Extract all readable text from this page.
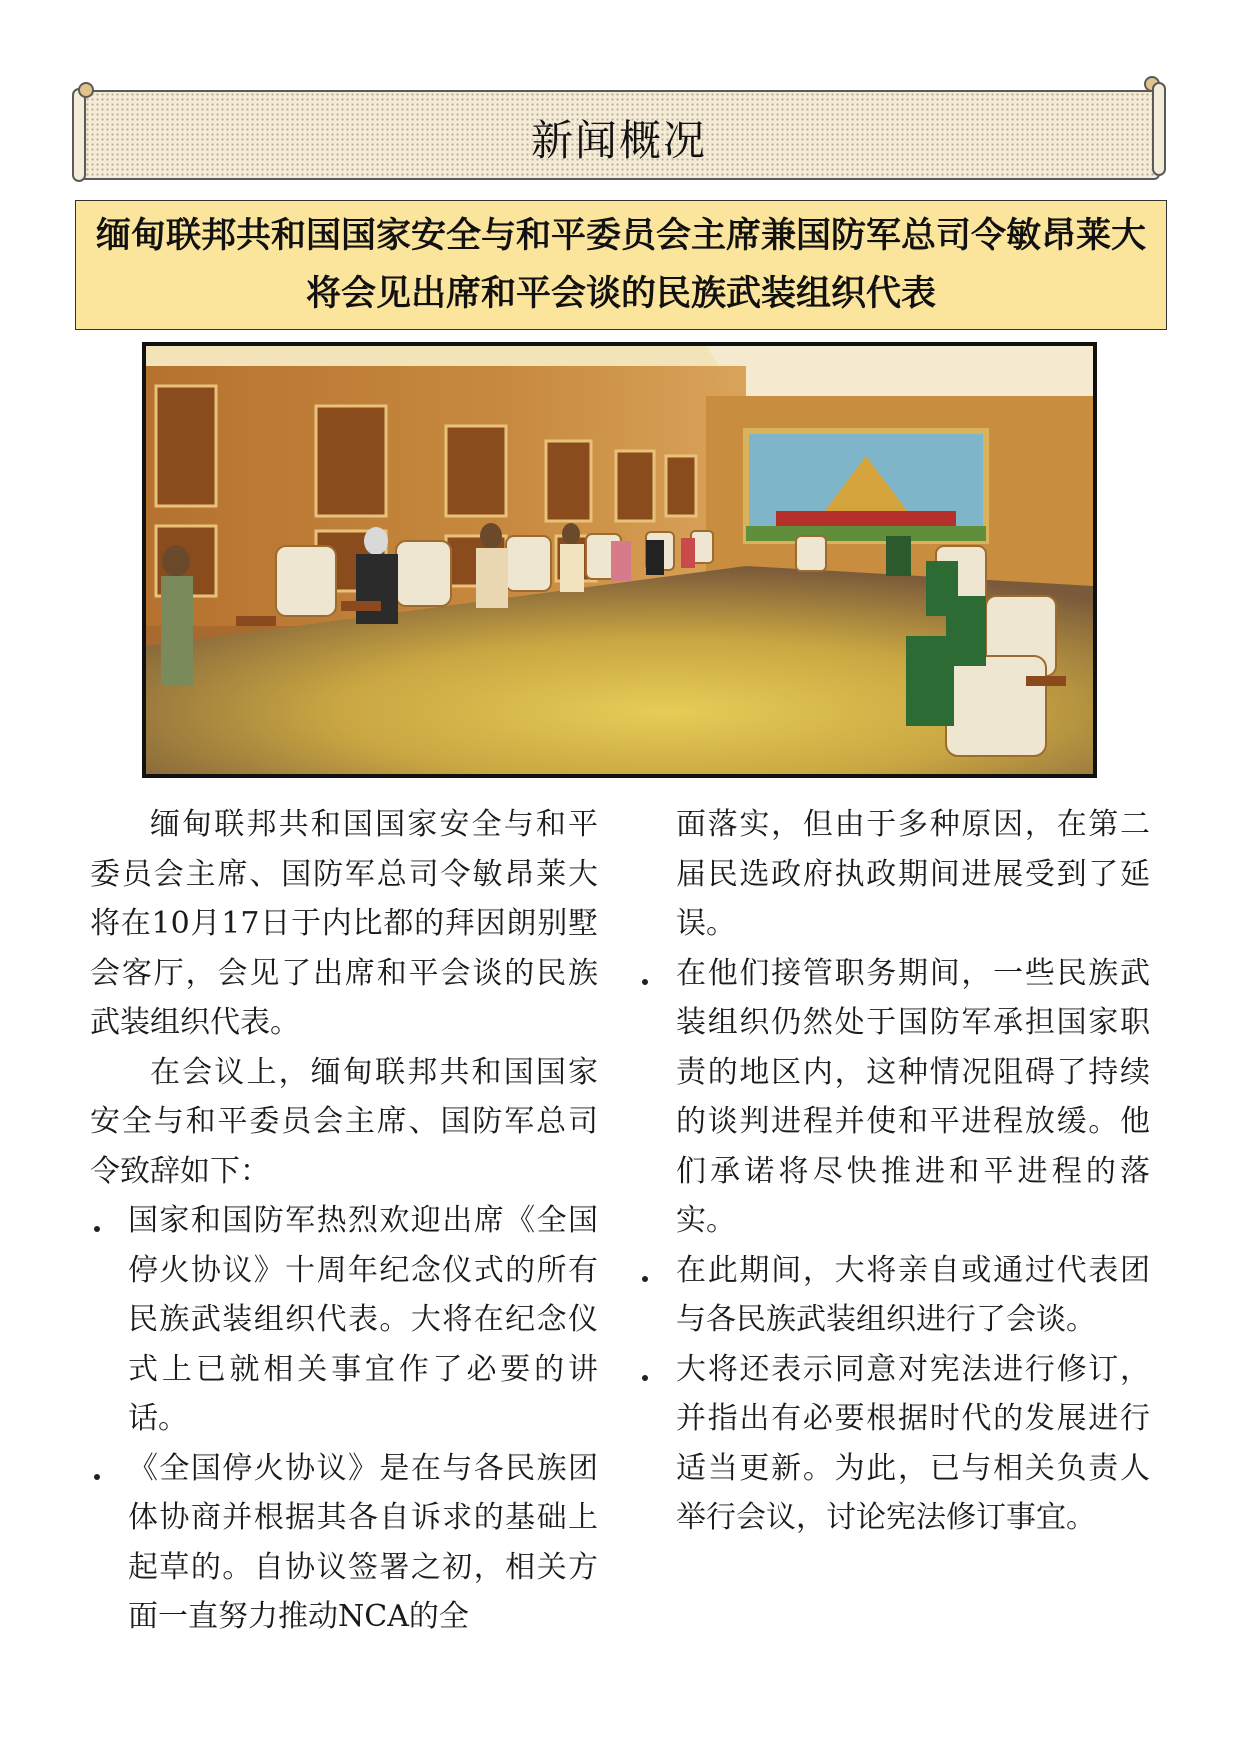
新闻概况
缅甸联邦共和国国家安全与和平委员会主席兼国防军总司令敏昂莱大将会见出席和平会谈的民族武装组织代表

缅甸联邦共和国国家安全与和平委员会主席、国防军总司令敏昂莱大将在10月17日于内比都的拜因朗别墅会客厅，会见了出席和平会谈的民族武装组织代表。

在会议上，缅甸联邦共和国国家安全与和平委员会主席、国防军总司令致辞如下：

国家和国防军热烈欢迎出席《全国停火协议》十周年纪念仪式的所有民族武装组织代表。大将在纪念仪式上已就相关事宜作了必要的讲话。
《全国停火协议》是在与各民族团体协商并根据其各自诉求的基础上起草的。自协议签署之初，相关方面一直努力推动NCA的全
面落实，但由于多种原因，在第二届民选政府执政期间进展受到了延误。
在他们接管职务期间，一些民族武装组织仍然处于国防军承担国家职责的地区内，这种情况阻碍了持续的谈判进程并使和平进程放缓。他们承诺将尽快推进和平进程的落实。
在此期间，大将亲自或通过代表团与各民族武装组织进行了会谈。
大将还表示同意对宪法进行修订，并指出有必要根据时代的发展进行适当更新。为此，已与相关负责人举行会议，讨论宪法修订事宜。
